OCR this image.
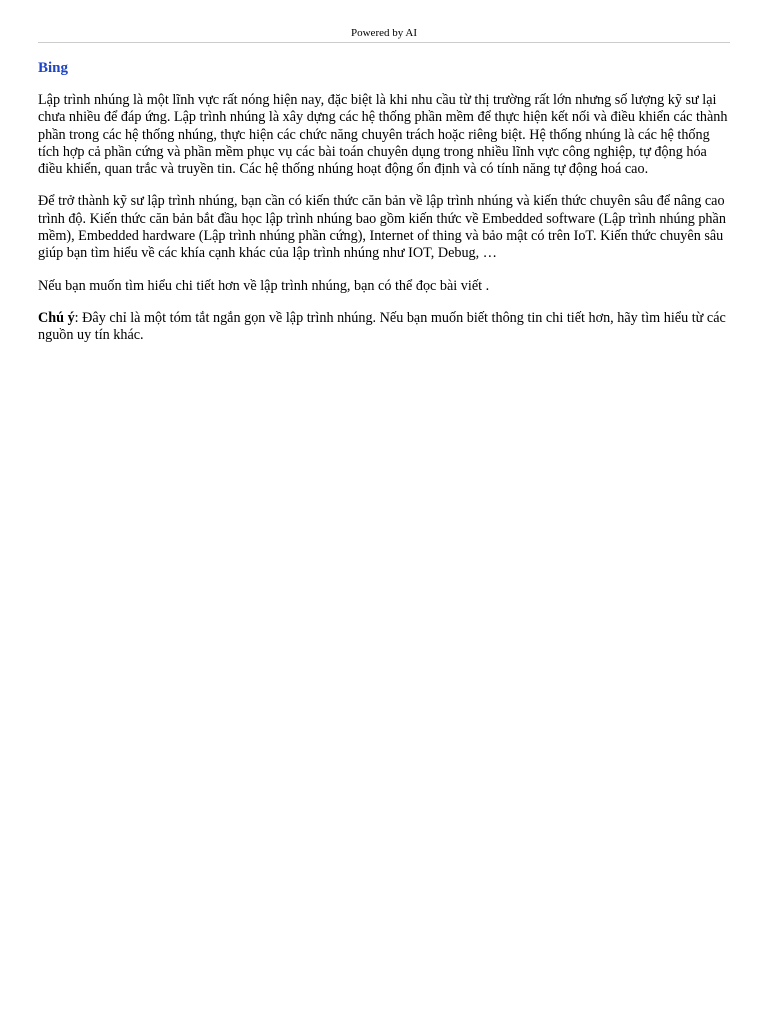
Powered by AI
Bing

Lập trình nhúng là một lĩnh vực rất nóng hiện nay, đặc biệt là khi nhu cầu từ thị trường rất lớn nhưng số lượng kỹ sư lại chưa nhiều để đáp ứng. Lập trình nhúng là xây dựng các hệ thống phần mềm để thực hiện kết nối và điều khiển các thành phần trong các hệ thống nhúng, thực hiện các chức năng chuyên trách hoặc riêng biệt. Hệ thống nhúng là các hệ thống tích hợp cả phần cứng và phần mềm phục vụ các bài toán chuyên dụng trong nhiều lĩnh vực công nghiệp, tự động hóa điều khiển, quan trắc và truyền tin. Các hệ thống nhúng hoạt động ổn định và có tính năng tự động hoá cao.

Để trở thành kỹ sư lập trình nhúng, bạn cần có kiến thức căn bản về lập trình nhúng và kiến thức chuyên sâu để nâng cao trình độ. Kiến thức căn bản bắt đầu học lập trình nhúng bao gồm kiến thức về Embedded software (Lập trình nhúng phần mềm), Embedded hardware (Lập trình nhúng phần cứng), Internet of thing và bảo mật có trên IoT. Kiến thức chuyên sâu giúp bạn tìm hiểu về các khía cạnh khác của lập trình nhúng như IOT, Debug, …

Nếu bạn muốn tìm hiểu chi tiết hơn về lập trình nhúng, bạn có thể đọc bài viết .

Chú ý: Đây chỉ là một tóm tắt ngắn gọn về lập trình nhúng. Nếu bạn muốn biết thông tin chi tiết hơn, hãy tìm hiểu từ các nguồn uy tín khác.
